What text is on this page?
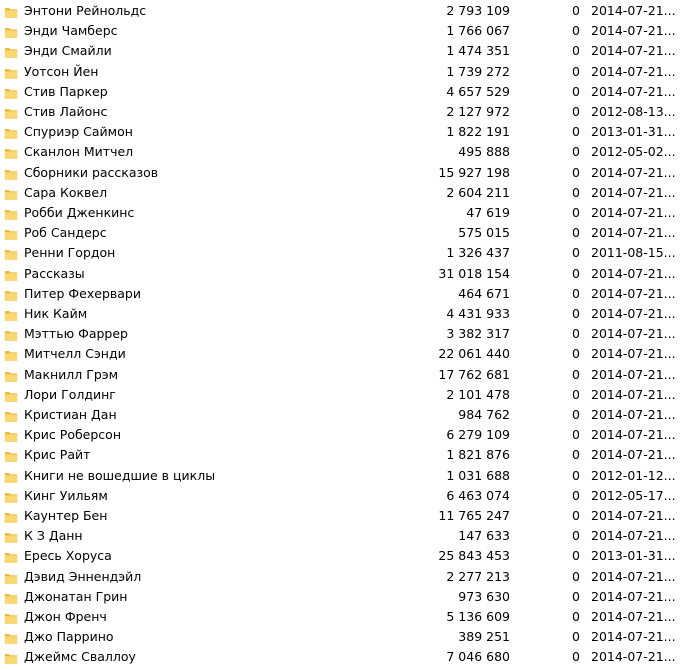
Энтони Рейнольдс	2 793 109	0 2014-07-21...
Энди Чамберс	1 766 067	0 2014-07-21...
Энди Смайли	1 474 351	0 2014-07-21...
Уотсон Йен	1 739 272	0 2014-07-21...
Стив Паркер	4 657 529	0 2014-07-21...
Стив Лайонс	2 127 972	0 2012-08-13...
Спуриэр Саймон	1 822 191	0 2013-01-31...
Сканлон Митчел	495 888	0 2012-05-02...
Сборники рассказов	15 927 198	0 2014-07-21...
Сара Коквел	2 604 211	0 2014-07-21...
Робби Дженкинс	47 619	0 2014-07-21...
Роб Сандерс	575 015	0 2014-07-21...
Ренни Гордон	1 326 437	0 2011-08-15...
Рассказы	31 018 154	0 2014-07-21...
Питер Фехервари	464 671	0 2014-07-21...
Ник Кайм	4 431 933	0 2014-07-21...
Мэттью Фаррер	3 382 317	0 2014-07-21...
Митчелл Сэнди	22 061 440	0 2014-07-21...
Макнилл Грэм	17 762 681	0 2014-07-21...
Лори Голдинг	2 101 478	0 2014-07-21...
Кристиан Дан	984 762	0 2014-07-21...
Крис Роберсон	6 279 109	0 2014-07-21...
Крис Райт	1 821 876	0 2014-07-21...
Книги не вошедшие в циклы	1 031 688	0 2012-01-12...
Кинг Уильям	6 463 074	0 2012-05-17...
Каунтер Бен	11 765 247	0 2014-07-21...
К З Данн	147 633	0 2014-07-21...
Ересь Хоруса	25 843 453	0 2013-01-31...
Дэвид Эннендэйл	2 277 213	0 2014-07-21...
Джонатан Грин	973 630	0 2014-07-21...
Джон Френч	5 136 609	0 2014-07-21...
Джо Паррино	389 251	0 2014-07-21...
Джеймс Сваллоу	7 046 680	0 2014-07-21...
